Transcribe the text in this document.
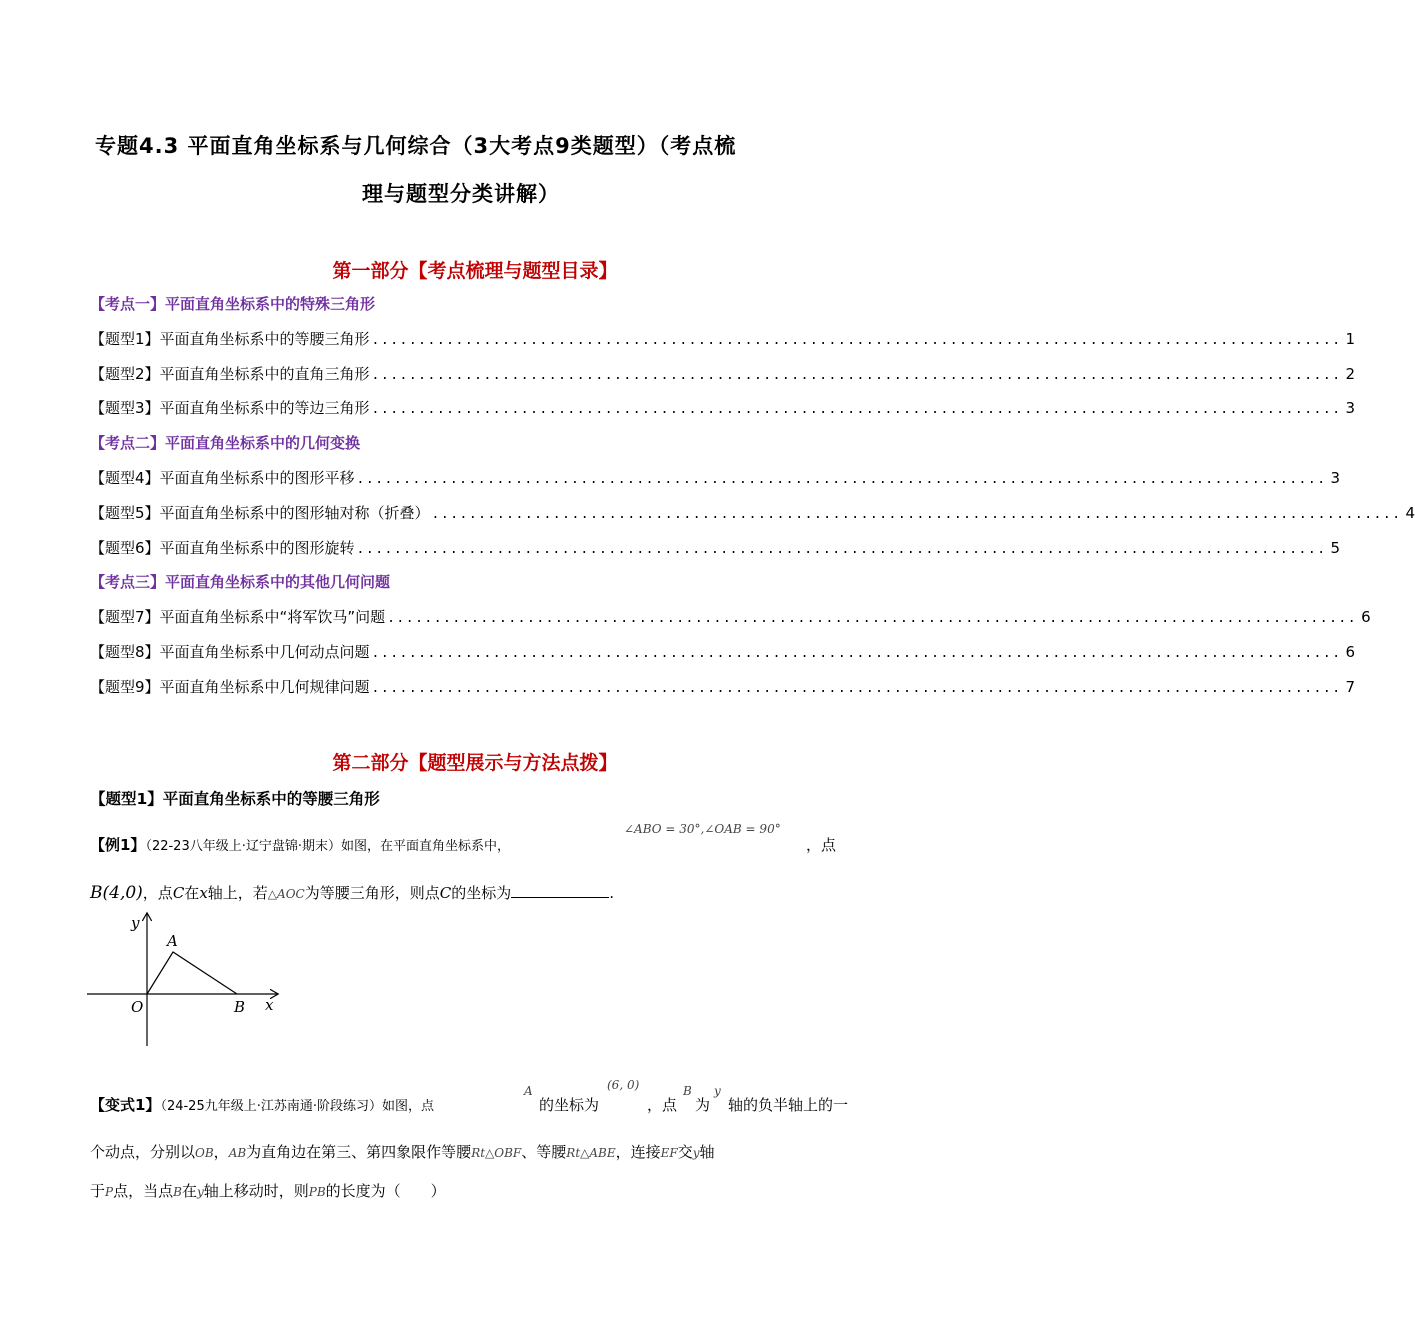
专题4.3 平面直角坐标系与几何综合（3大考点9类题型）（考点梳
理与题型分类讲解）
第一部分【考点梳理与题型目录】
【考点一】平面直角坐标系中的特殊三角形
【题型1】平面直角坐标系中的等腰三角形 ........................................................................................................ 1
【题型2】平面直角坐标系中的直角三角形 ........................................................................................................ 2
【题型3】平面直角坐标系中的等边三角形 ........................................................................................................ 3
【考点二】平面直角坐标系中的几何变换
【题型4】平面直角坐标系中的图形平移 ........................................................................................................ 3
【题型5】平面直角坐标系中的图形轴对称（折叠） ........................................................................................................ 4
【题型6】平面直角坐标系中的图形旋转 ........................................................................................................ 5
【考点三】平面直角坐标系中的其他几何问题
【题型7】平面直角坐标系中“将军饮马”问题 ........................................................................................................ 6
【题型8】平面直角坐标系中几何动点问题 ........................................................................................................ 6
【题型9】平面直角坐标系中几何规律问题 ........................................................................................................ 7
第二部分【题型展示与方法点拨】
【题型1】平面直角坐标系中的等腰三角形
【例1】（22-23八年级上·辽宁盘锦·期末）如图，在平面直角坐标系中，
∠ABO = 30°,∠OAB = 90°
，点
B(4,0)，点C在x轴上，若△AOC为等腰三角形，则点C的坐标为	.
y
x
O
A
B
【变式1】（24-25九年级上·江苏南通·阶段练习）如图，点
A
的坐标为
(6, 0)
，点
B
为
y
轴的负半轴上的一
个动点，分别以OB，AB为直角边在第三、第四象限作等腰Rt△OBF、等腰Rt△ABE，连接EF交y轴
于P点，当点B在y轴上移动时，则PB的长度为（　　）
